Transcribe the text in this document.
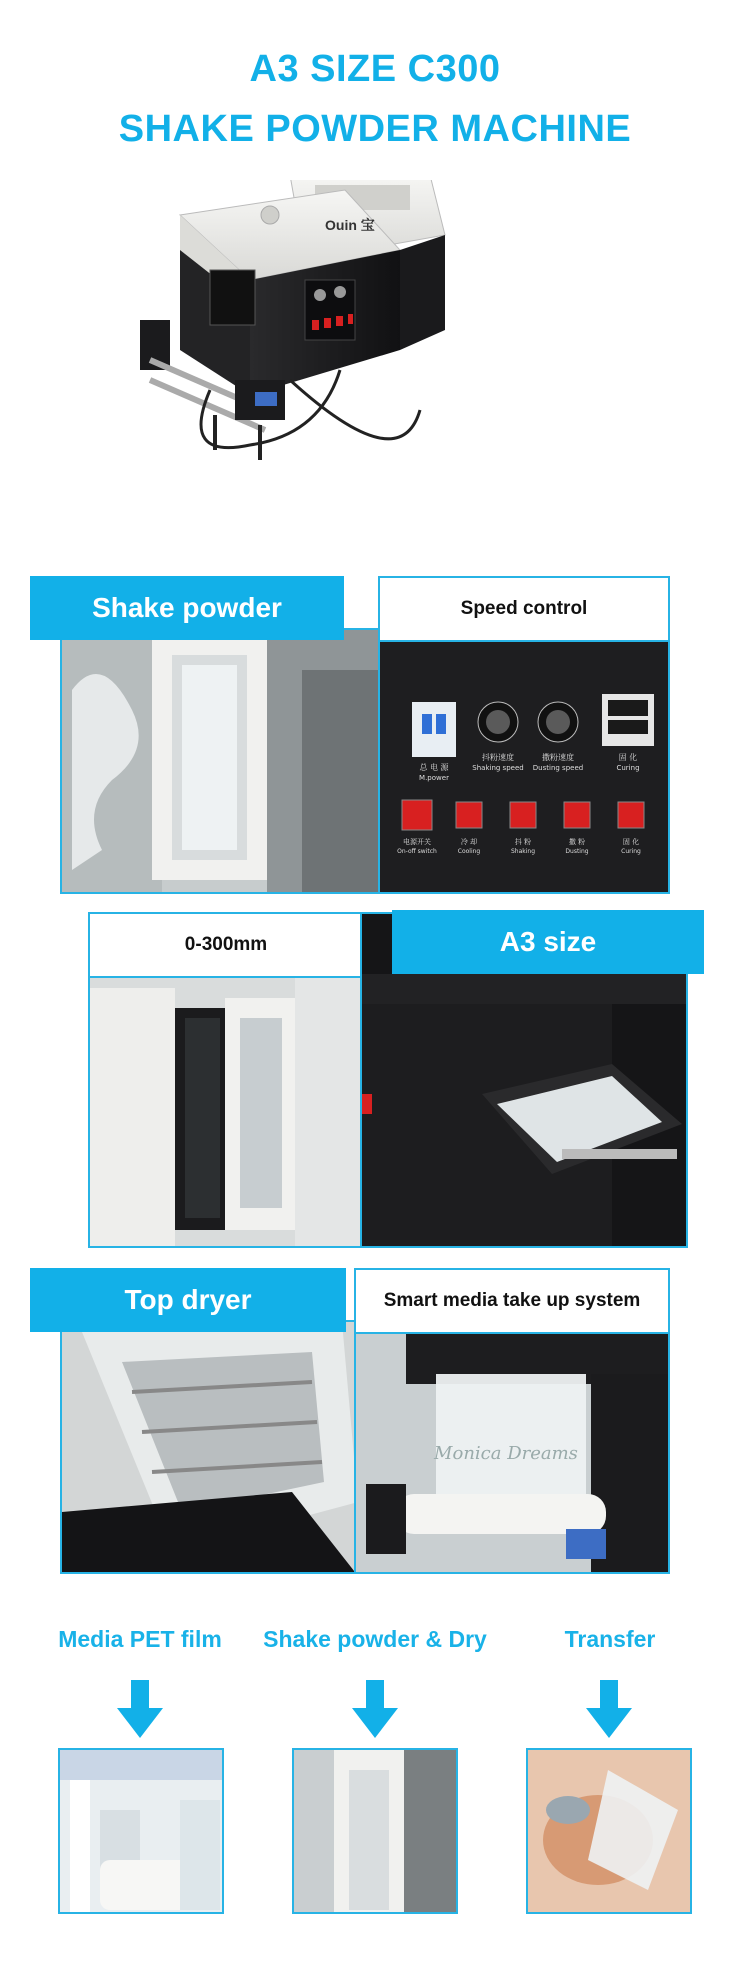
A3 SIZE C300
SHAKE POWDER MACHINE
Ouin 宝
Shake powder	Speed control
总 电 源
M.power
抖粉速度
Shaking speed
撒粉速度
Dusting speed
固 化
Curing
电源开关
On-off switch
冷 却
Cooling
抖 粉
Shaking
撒 粉
Dusting
固 化
Curing
0-300mm	A3 size
Top dryer	Smart media take up system
Monica Dreams
Media PET film	Shake powder & Dry	Transfer
